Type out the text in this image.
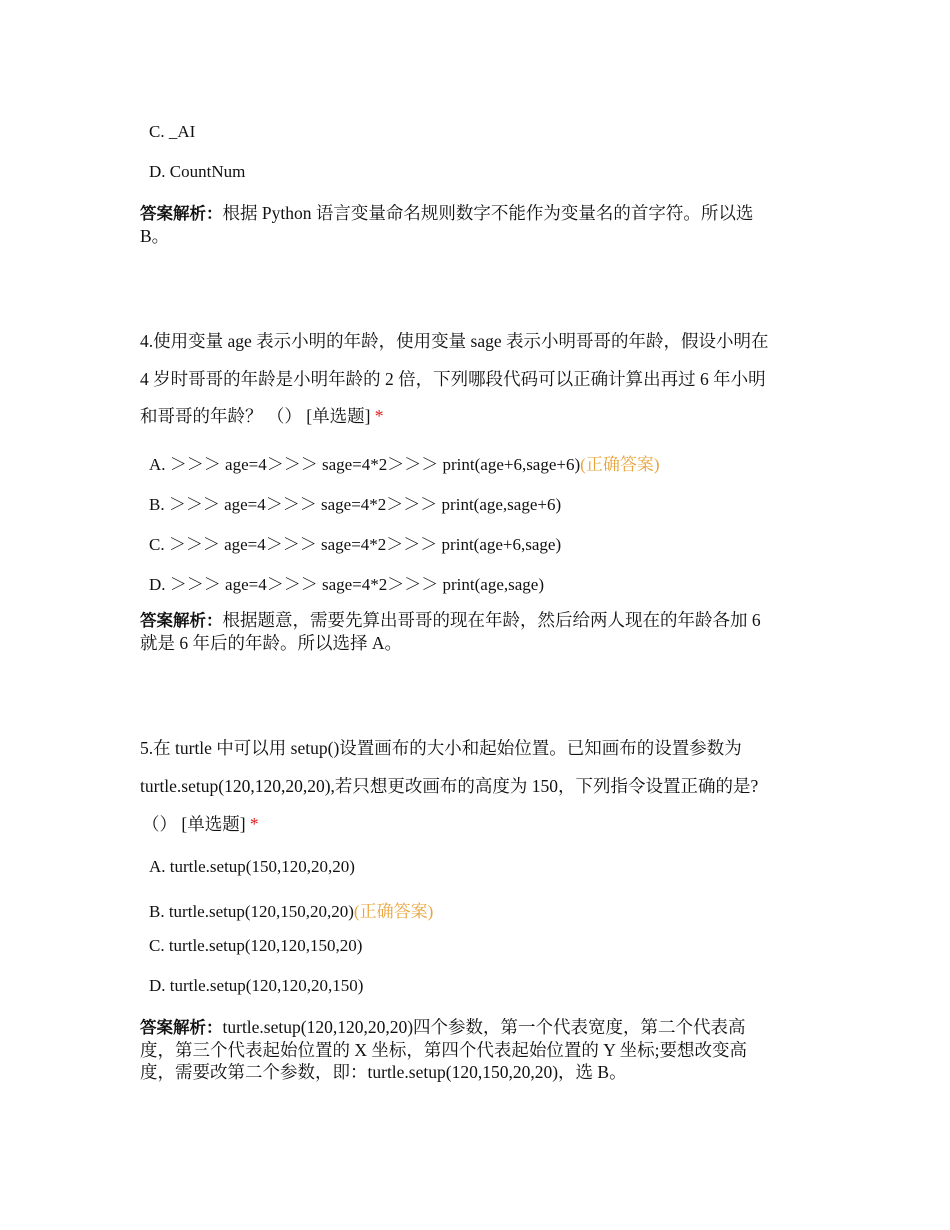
C. _AI
D. CountNum
答案解析：根据 Python 语言变量命名规则数字不能作为变量名的首字符。所以选
B。
4.使用变量 age 表示小明的年龄，使用变量 sage 表示小明哥哥的年龄，假设小明在
4 岁时哥哥的年龄是小明年龄的 2 倍，下列哪段代码可以正确计算出再过 6 年小明
和哥哥的年龄？ （） [单选题] *
A. ＞＞＞ age=4＞＞＞ sage=4*2＞＞＞ print(age+6,sage+6)(正确答案)
B. ＞＞＞ age=4＞＞＞ sage=4*2＞＞＞ print(age,sage+6)
C. ＞＞＞ age=4＞＞＞ sage=4*2＞＞＞ print(age+6,sage)
D. ＞＞＞ age=4＞＞＞ sage=4*2＞＞＞ print(age,sage)
答案解析：根据题意，需要先算出哥哥的现在年龄，然后给两人现在的年龄各加 6
就是 6 年后的年龄。所以选择 A。
5.在 turtle 中可以用 setup()设置画布的大小和起始位置。已知画布的设置参数为
turtle.setup(120,120,20,20),若只想更改画布的高度为 150，下列指令设置正确的是?
（） [单选题] *
A. turtle.setup(150,120,20,20)
B. turtle.setup(120,150,20,20)(正确答案)
C. turtle.setup(120,120,150,20)
D. turtle.setup(120,120,20,150)
答案解析：turtle.setup(120,120,20,20)四个参数，第一个代表宽度，第二个代表高
度，第三个代表起始位置的 X 坐标，第四个代表起始位置的 Y 坐标;要想改变高
度，需要改第二个参数，即：turtle.setup(120,150,20,20)，选 B。
